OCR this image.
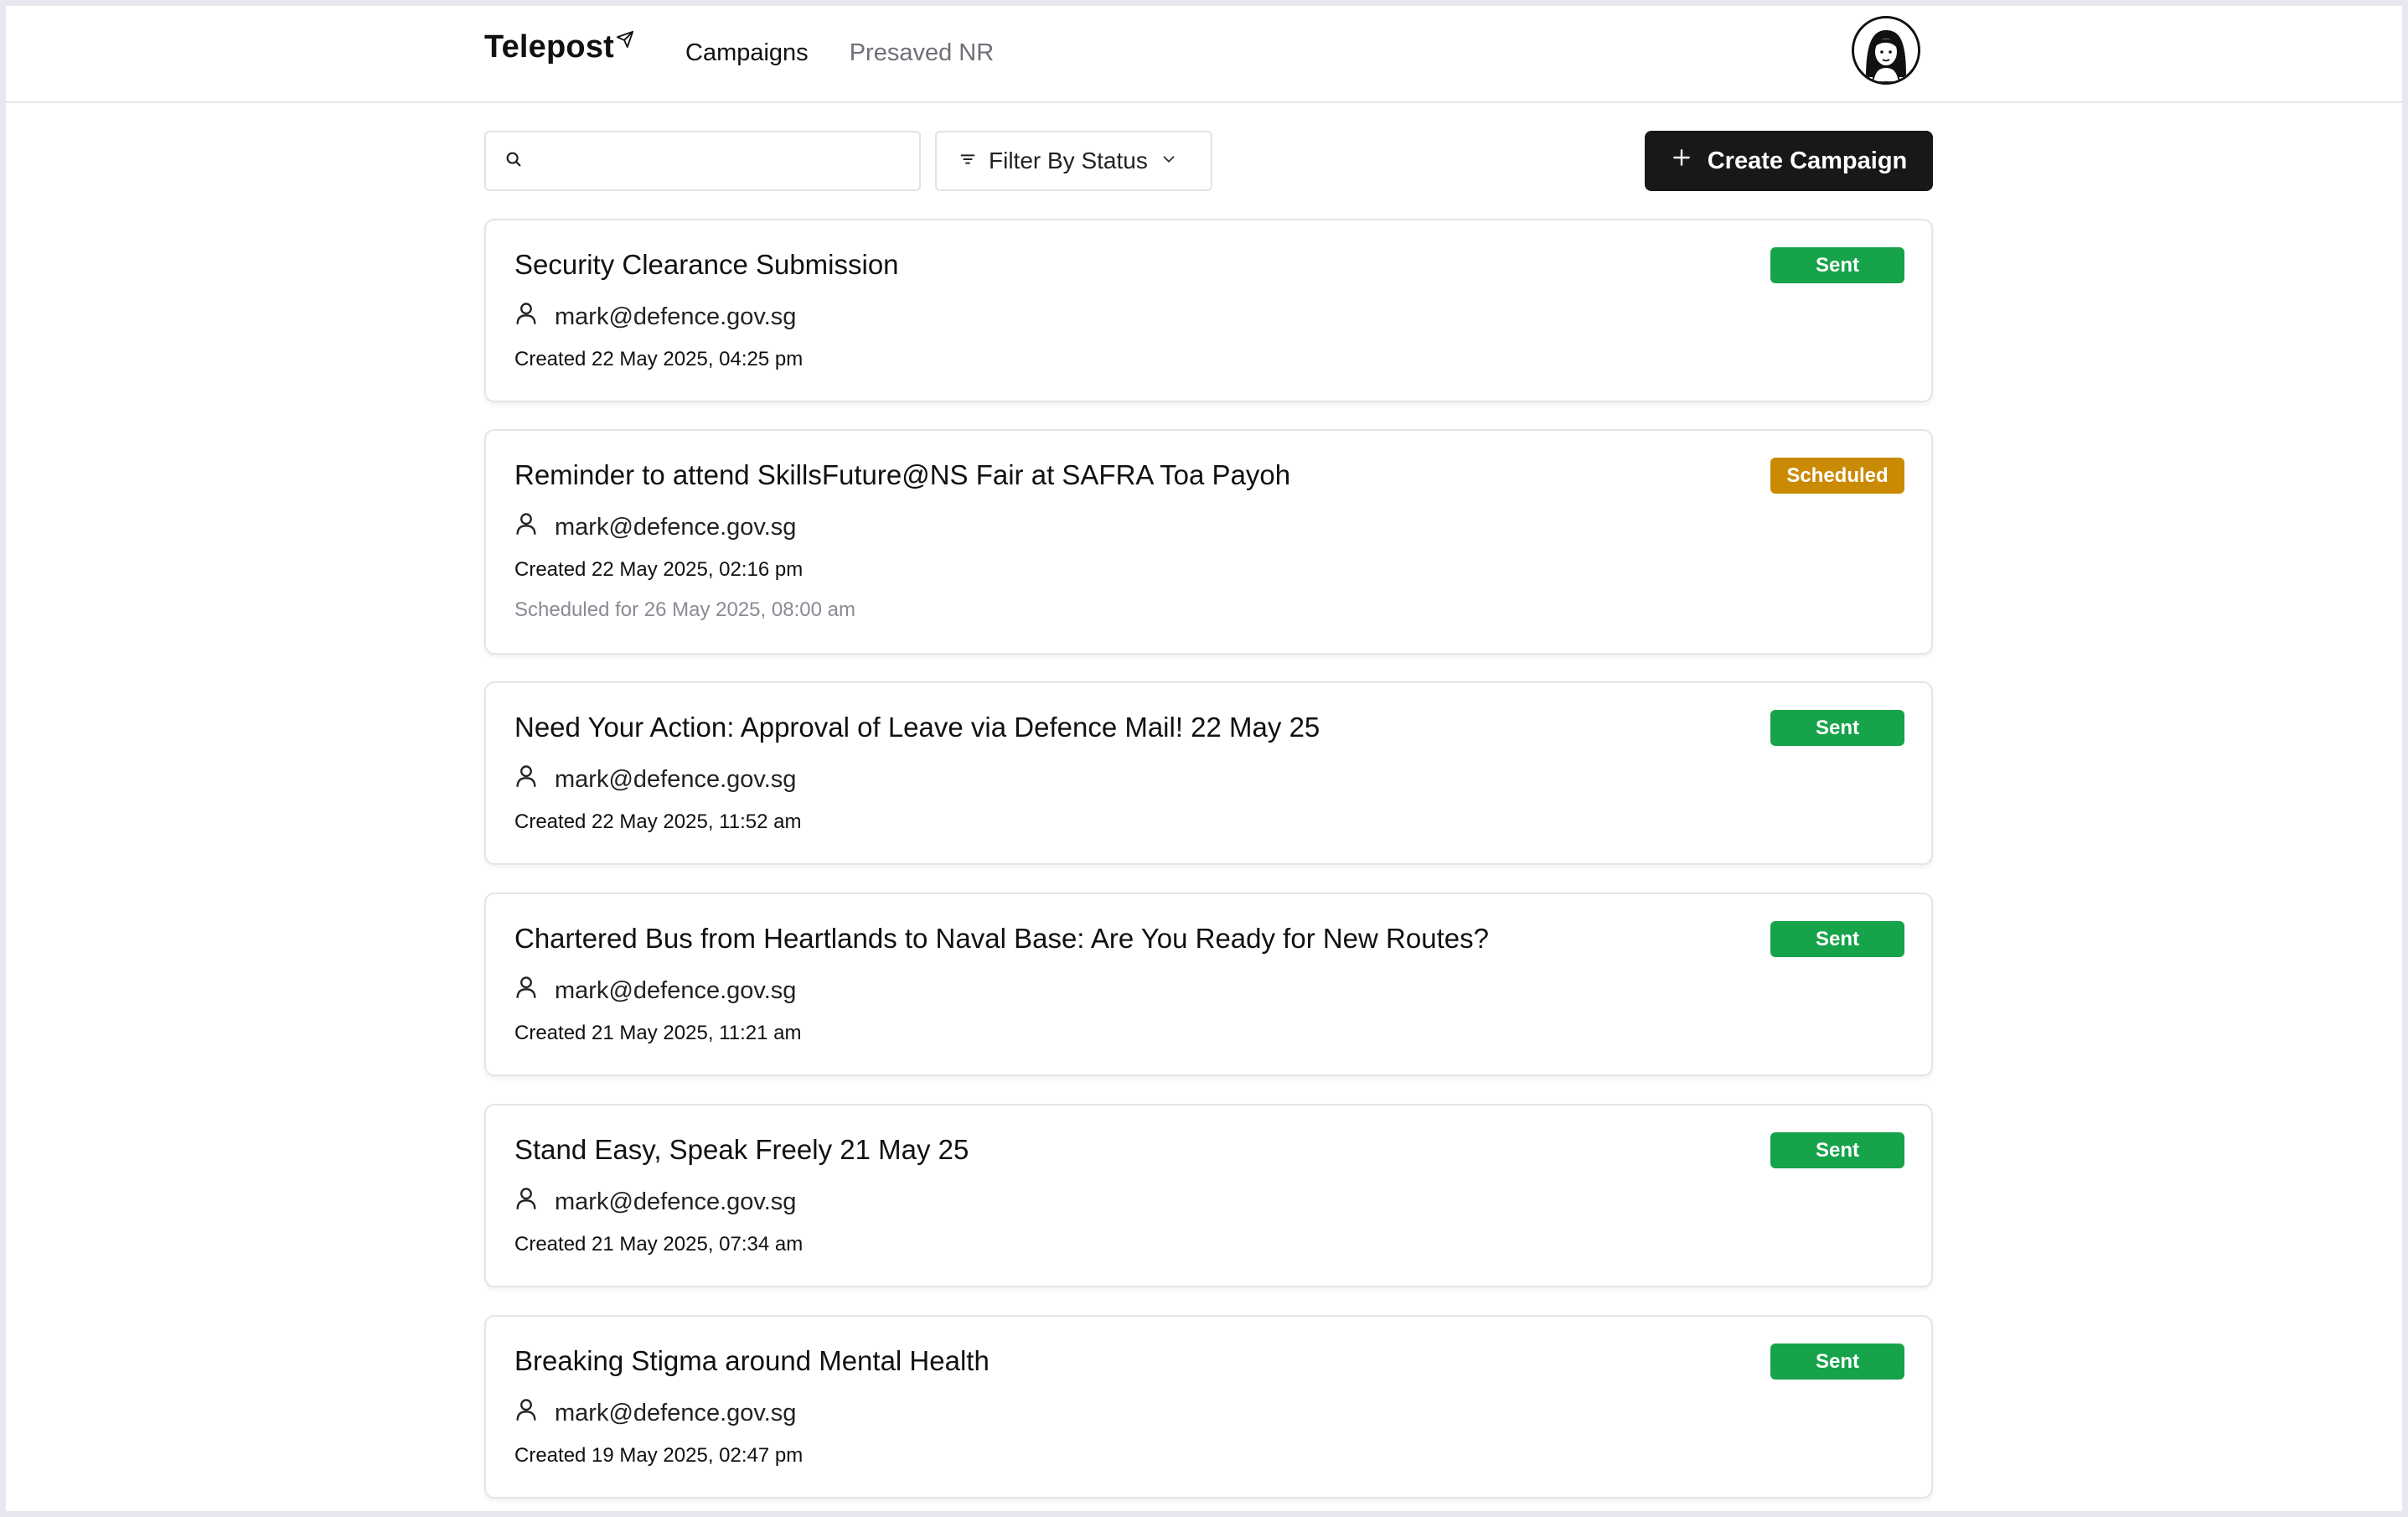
Telepost	Campaigns Presaved NR
Filter By Status	Create Campaign
Security Clearance Submission
mark@defence.gov.sg
Created 22 May 2025, 04:25 pm
Sent
Reminder to attend SkillsFuture@NS Fair at SAFRA Toa Payoh
mark@defence.gov.sg
Created 22 May 2025, 02:16 pm
Scheduled for 26 May 2025, 08:00 am
Scheduled
Need Your Action: Approval of Leave via Defence Mail! 22 May 25
mark@defence.gov.sg
Created 22 May 2025, 11:52 am
Sent
Chartered Bus from Heartlands to Naval Base: Are You Ready for New Routes?
mark@defence.gov.sg
Created 21 May 2025, 11:21 am
Sent
Stand Easy, Speak Freely 21 May 25
mark@defence.gov.sg
Created 21 May 2025, 07:34 am
Sent
Breaking Stigma around Mental Health
mark@defence.gov.sg
Created 19 May 2025, 02:47 pm
Sent
